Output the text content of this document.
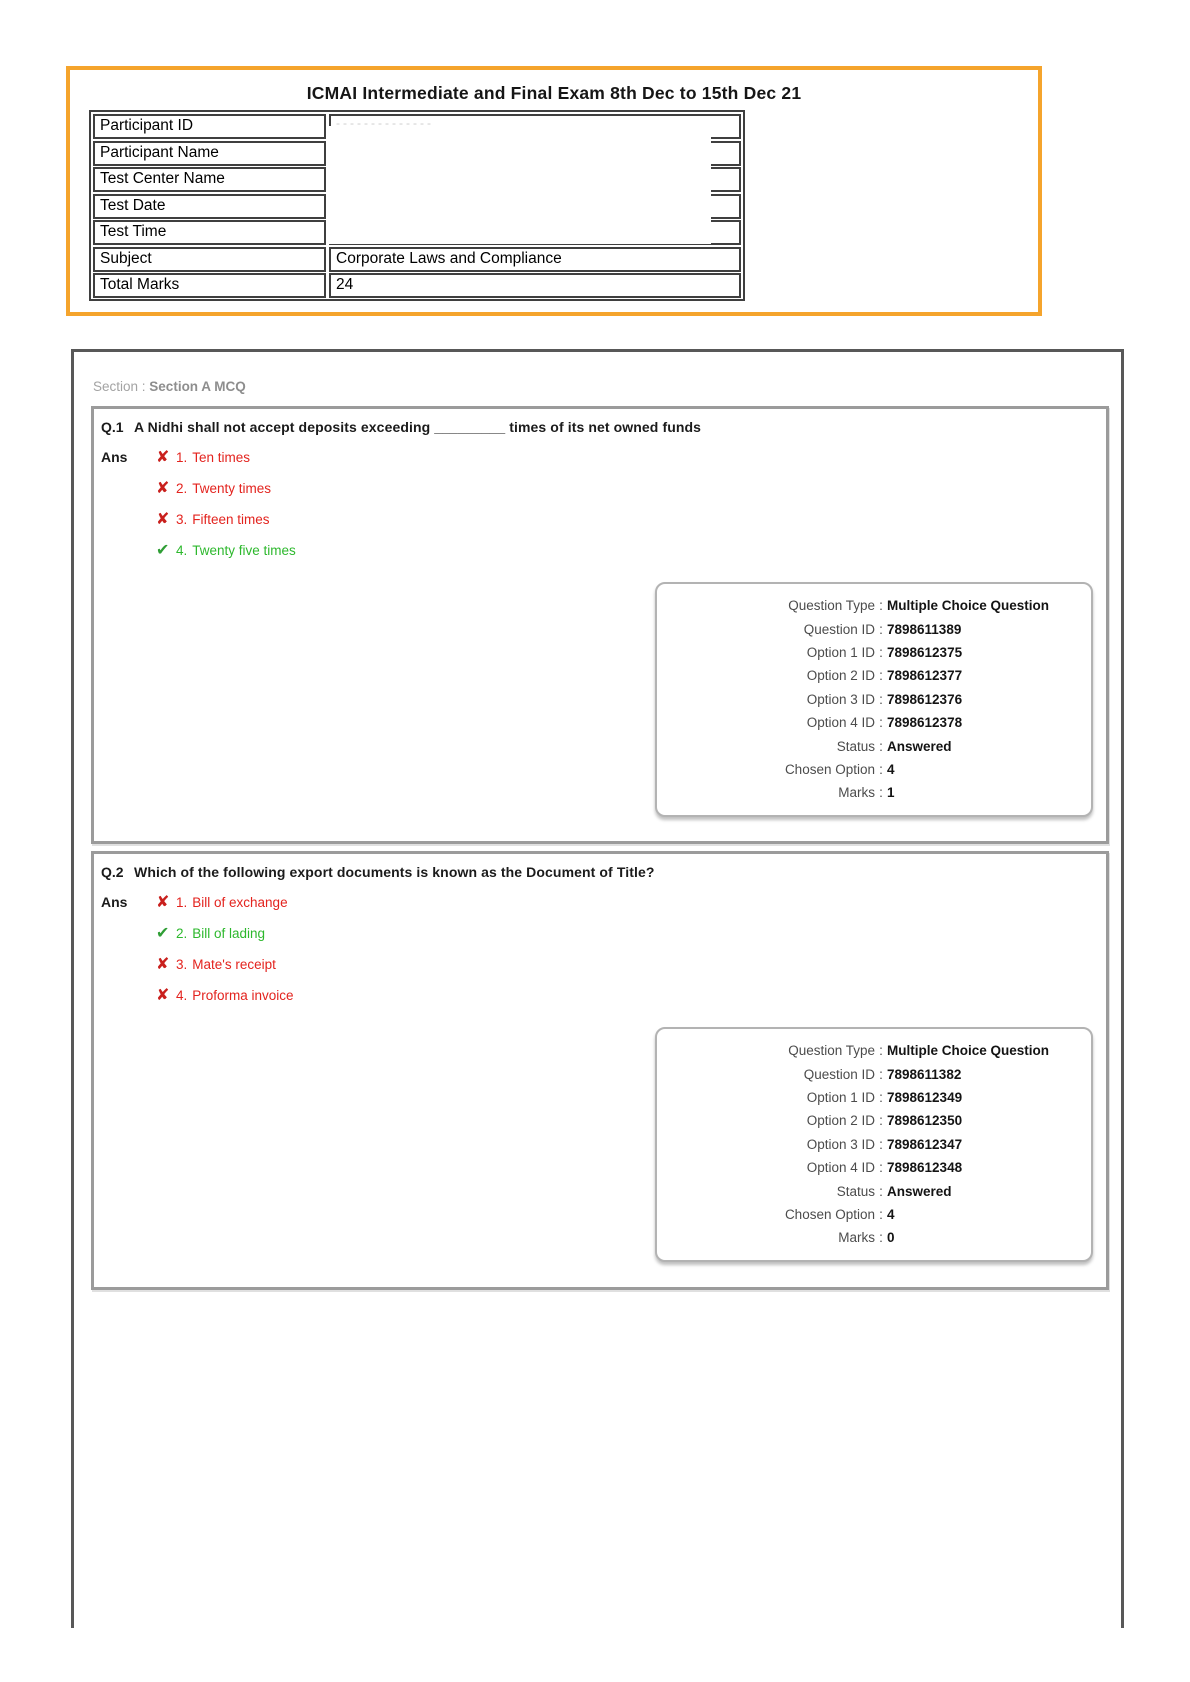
ICMAI Intermediate and Final Exam 8th Dec to 15th Dec 21
Participant ID
Participant Name
Test Center Name
Test Date
Test Time
Subject	Corporate Laws and Compliance
Total Marks	24
--------------
Section : Section A MCQ
Q.1 A Nidhi shall not accept deposits exceeding _________ times of its net owned funds
Ans ✘	1. Ten times
✘
2. Twenty times
✘
3. Fifteen times
✔
4. Twenty five times
Question Type : Multiple Choice Question
Question ID : 7898611389
Option 1 ID : 7898612375
Option 2 ID : 7898612377
Option 3 ID : 7898612376
Option 4 ID : 7898612378
Status : Answered
Chosen Option : 4
Marks : 1
Q.2 Which of the following export documents is known as the Document of Title?
Ans ✘	1. Bill of exchange
✔
2. Bill of lading
✘
3. Mate's receipt
✘
4. Proforma invoice
Question Type : Multiple Choice Question
Question ID : 7898611382
Option 1 ID : 7898612349
Option 2 ID : 7898612350
Option 3 ID : 7898612347
Option 4 ID : 7898612348
Status : Answered
Chosen Option : 4
Marks : 0
